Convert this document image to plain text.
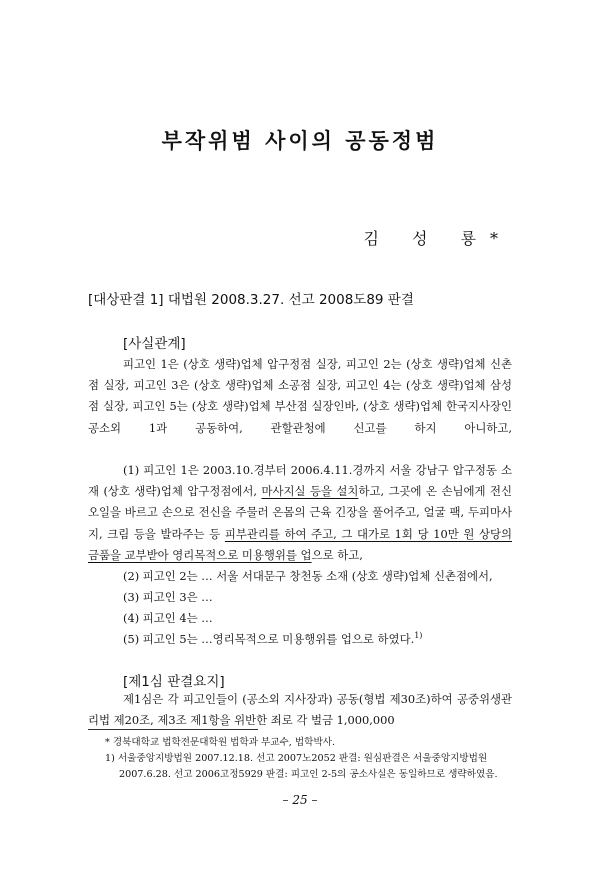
부작위범 사이의 공동정범
김 성 룡*
[대상판결 1] 대법원 2008.3.27. 선고 2008도89 판결
[사실관계]

피고인 1은 (상호 생략)업체 압구정점 실장, 피고인 2는 (상호 생략)업체 신촌점 실장, 피고인 3은 (상호 생략)업체 소공점 실장, 피고인 4는 (상호 생략)업체 삼성점 실장, 피고인 5는 (상호 생략)업체 부산점 실장인바, (상호 생략)업체 한국지사장인 공소외 1과 공동하여, 관할관청에 신고를 하지 아니하고,

(1) 피고인 1은 2003.10.경부터 2006.4.11.경까지 서울 강남구 압구정동 소재 (상호 생략)업체 압구정점에서, 마사지실 등을 설치하고, 그곳에 온 손님에게 전신 오일을 바르고 손으로 전신을 주물러 온몸의 근육 긴장을 풀어주고, 얼굴 팩, 두피마사지, 크림 등을 발라주는 등 피부관리를 하여 주고, 그 대가로 1회 당 10만 원 상당의 금품을 교부받아 영리목적으로 미용행위를 업으로 하고,

(2) 피고인 2는 … 서울 서대문구 창천동 소재 (상호 생략)업체 신촌점에서,
(3) 피고인 3은 …
(4) 피고인 4는 …
(5) 피고인 5는 …영리목적으로 미용행위를 업으로 하였다.$^{1)}$
[제1심 판결요지]

제1심은 각 피고인들이 (공소외 지사장과) 공동(형법 제30조)하여 공중위생관리법 제20조, 제3조 제1항을 위반한 죄로 각 벌금 1,000,000

* 경북대학교 법학전문대학원 법학과 부교수, 법학박사.
1) 서울중앙지방법원 2007.12.18. 선고 2007노2052 판결: 원심판결은 서울중앙지방법원
2007.6.28. 선고 2006고정5929 판결: 피고인 2-5의 공소사실은 동일하므로 생략하였음.
– 25 –
